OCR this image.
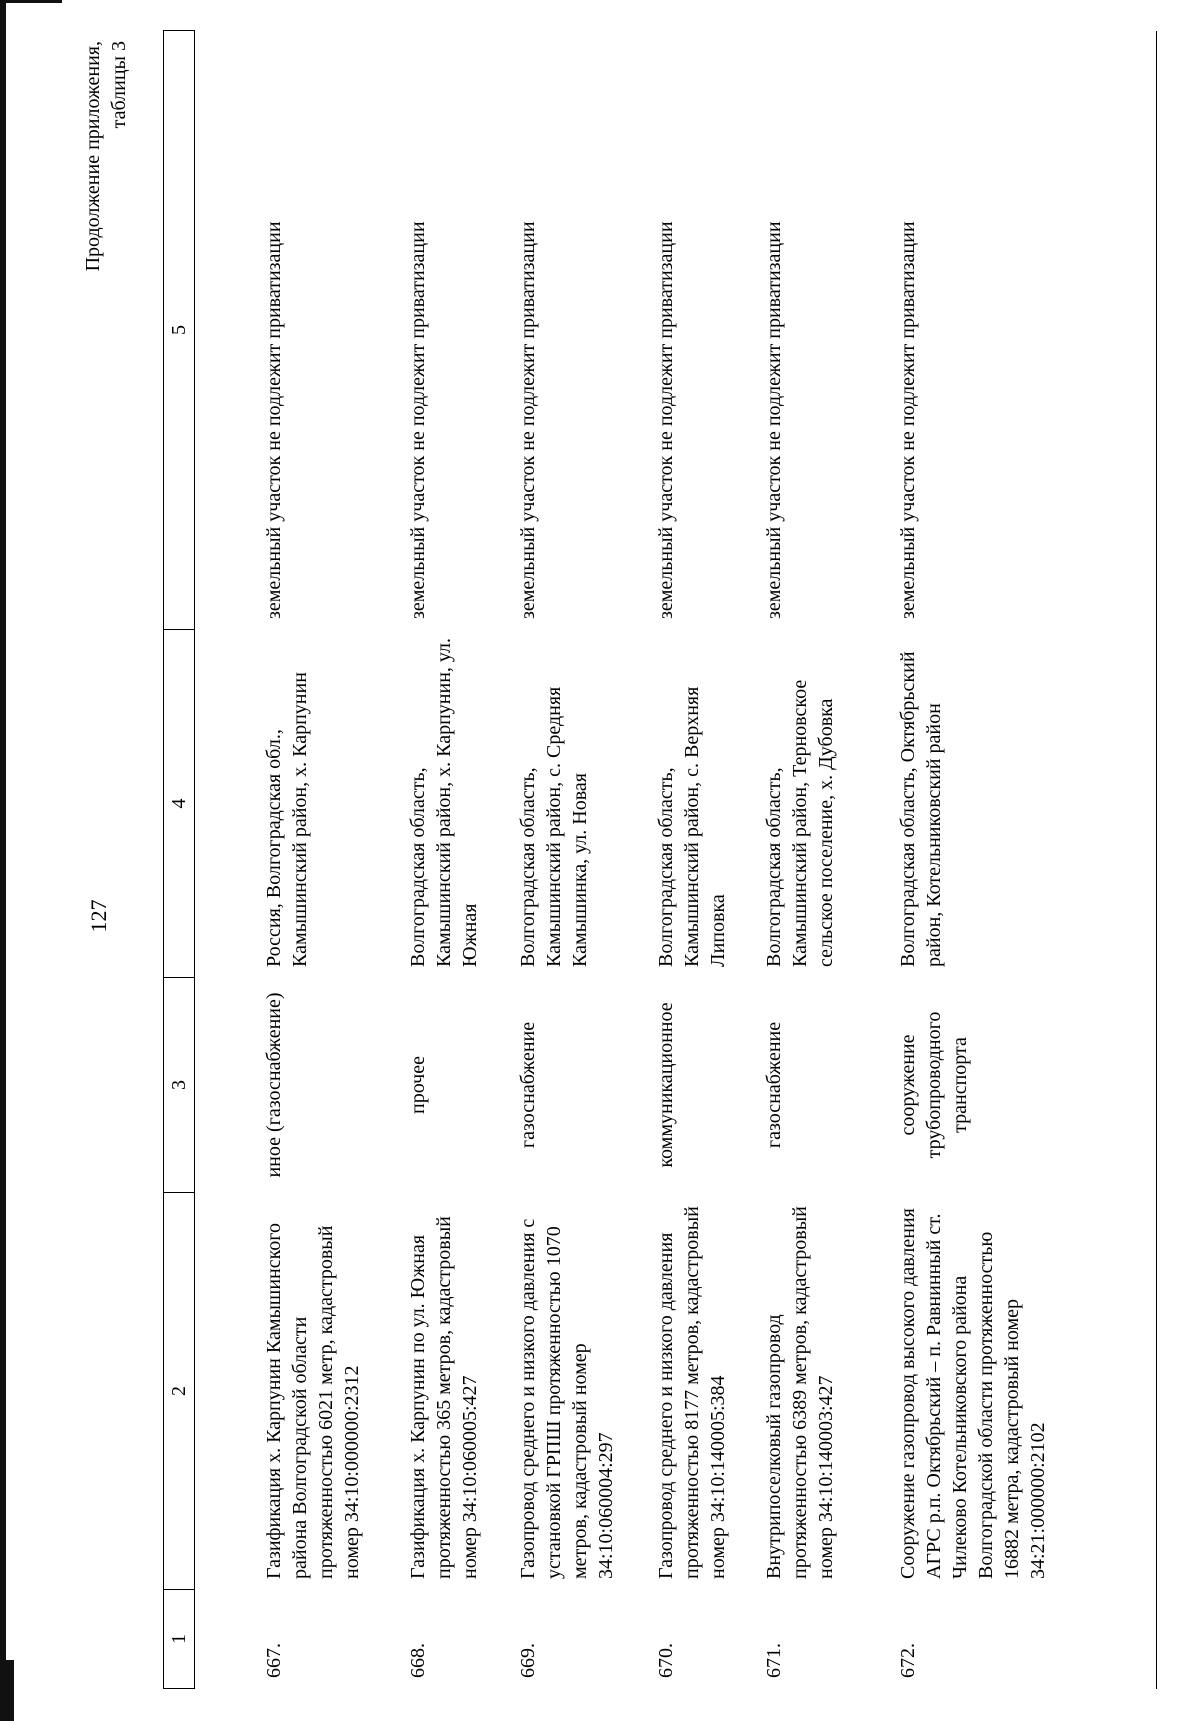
127
Продолжение приложения, таблицы 3
1	2	3	4	5
667.	Газификация х. Карпунин Камышинского района Волгоградской области протяженностью 6021 метр, кадастровый номер 34:10:000000:2312	иное (газоснабжение)	Россия, Волгоградская обл., Камышинский район, х. Карпунин	земельный участок не подлежит приватизации
668.	Газификация х. Карпунин по ул. Южная протяженностью 365 метров, кадастровый номер 34:10:060005:427	прочее	Волгоградская область, Камышинский район, х. Карпунин, ул. Южная	земельный участок не подлежит приватизации
669.	Газопровод среднего и низкого давления с установкой ГРПШ протяженностью 1070 метров, кадастровый номер 34:10:060004:297	газоснабжение	Волгоградская область, Камышинский район, с. Средняя Камышинка, ул. Новая	земельный участок не подлежит приватизации
670.	Газопровод среднего и низкого давления протяженностью 8177 метров, кадастровый номер 34:10:140005:384	коммуникационное	Волгоградская область, Камышинский район, с. Верхняя Липовка	земельный участок не подлежит приватизации
671.	Внутрипоселковый газопровод протяженностью 6389 метров, кадастровый номер 34:10:140003:427	газоснабжение	Волгоградская область, Камышинский район, Терновское сельское поселение, х. Дубовка	земельный участок не подлежит приватизации
672.	Сооружение газопровод высокого давления АГРС р.п. Октябрьский – п. Равнинный ст. Чилеково Котельниковского района Волгоградской области протяженностью 16882 метра, кадастровый номер 34:21:000000:2102	сооружение трубопроводного транспорта	Волгоградская область, Октябрьский район, Котельниковский район	земельный участок не подлежит приватизации
